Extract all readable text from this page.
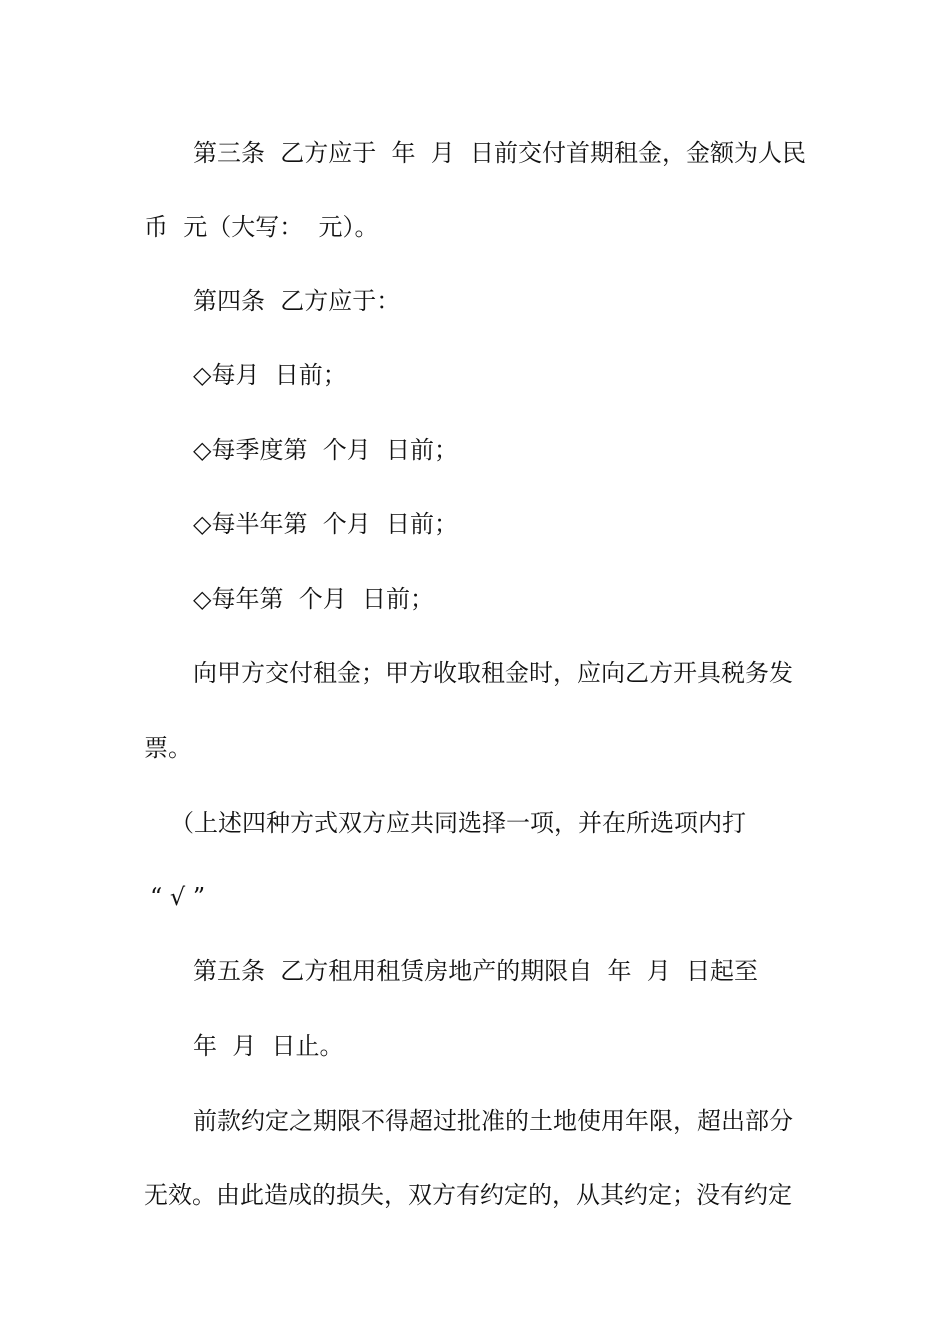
第三条  乙方应于  年  月  日前交付首期租金，金额为人民
币  元（大写：  元）。
第四条  乙方应于：
◇每月  日前；
◇每季度第  个月  日前；
◇每半年第  个月  日前；
◇每年第  个月  日前；
向甲方交付租金；甲方收取租金时，应向乙方开具税务发
票。
（上述四种方式双方应共同选择一项，并在所选项内打
“ √ ”
第五条  乙方租用租赁房地产的期限自  年  月  日起至
年  月  日止。
前款约定之期限不得超过批准的土地使用年限，超出部分
无效。由此造成的损失，双方有约定的，从其约定；没有约定
